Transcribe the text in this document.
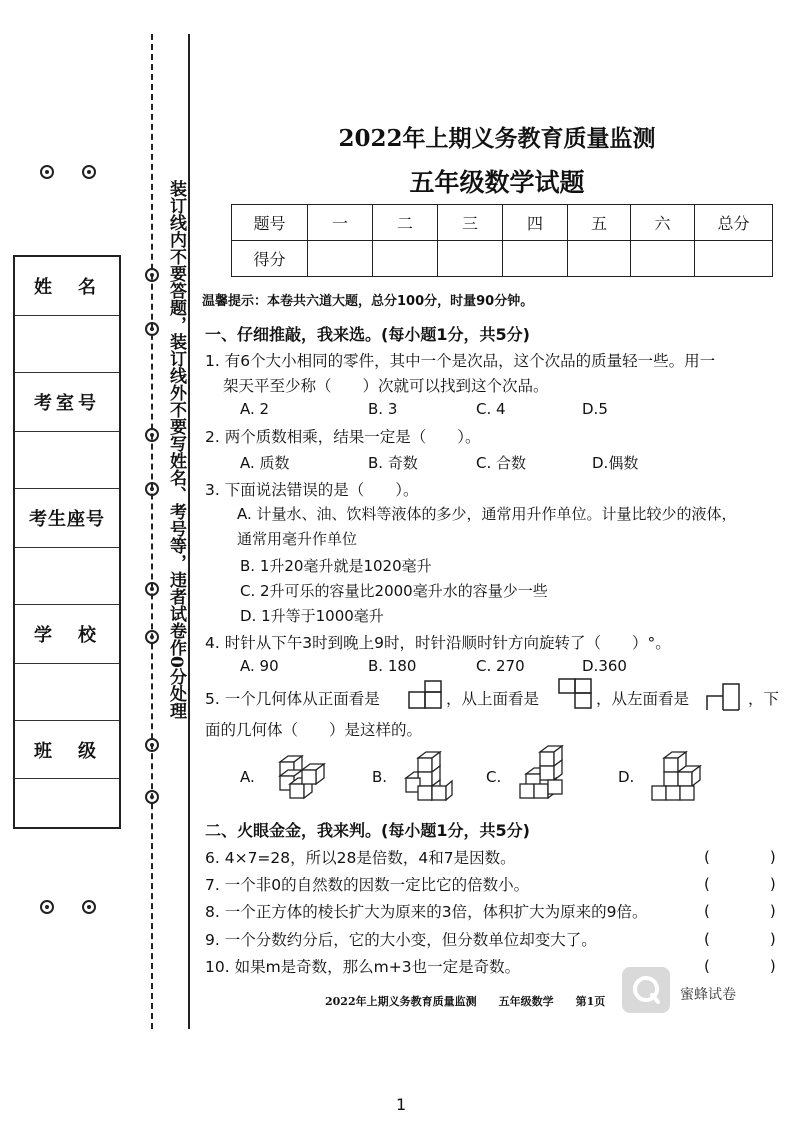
装订线内不要答题，装订线外不要写姓名、考号等，违者试卷作0分处理
姓　名
考室号
考生座号
学　校
班　级
2022年上期义务教育质量监测
五年级数学试题
题号	一	二	三	四	五	六	总分
得分							
温馨提示：本卷共六道大题，总分100分，时量90分钟。
一、仔细推敲，我来选。(每小题1分，共5分)
1. 有6个大小相同的零件，其中一个是次品，这个次品的质量轻一些。用一
架天平至少称（　　）次就可以找到这个次品。
A. 2	B. 3	C. 4	D.5
2. 两个质数相乘，结果一定是（　　）。
A. 质数	B. 奇数	C. 合数	D.偶数
3. 下面说法错误的是（　　）。
A. 计量水、油、饮料等液体的多少，通常用升作单位。计量比较少的液体，
通常用毫升作单位
B. 1升20毫升就是1020毫升
C. 2升可乐的容量比2000毫升水的容量少一些
D. 1升等于1000毫升
4. 时针从下午3时到晚上9时，时针沿顺时针方向旋转了（　　）°。
A. 90	B. 180	C. 270	D.360
5. 一个几何体从正面看是	，从上面看是	，从左面看是	，下
面的几何体（　　）是这样的。
A.	B.	C.	D.
二、火眼金金，我来判。(每小题1分，共5分)
6. 4×7=28，所以28是倍数，4和7是因数。	(　　　　)
7. 一个非0的自然数的因数一定比它的倍数小。	(　　　　)
8. 一个正方体的棱长扩大为原来的3倍，体积扩大为原来的9倍。	(　　　　)
9. 一个分数约分后，它的大小变，但分数单位却变大了。	(　　　　)
10. 如果m是奇数，那么m+3也一定是奇数。	(　　　　)
2022年上期义务教育质量监测　　五年级数学　　第1页	蜜蜂试卷
1
